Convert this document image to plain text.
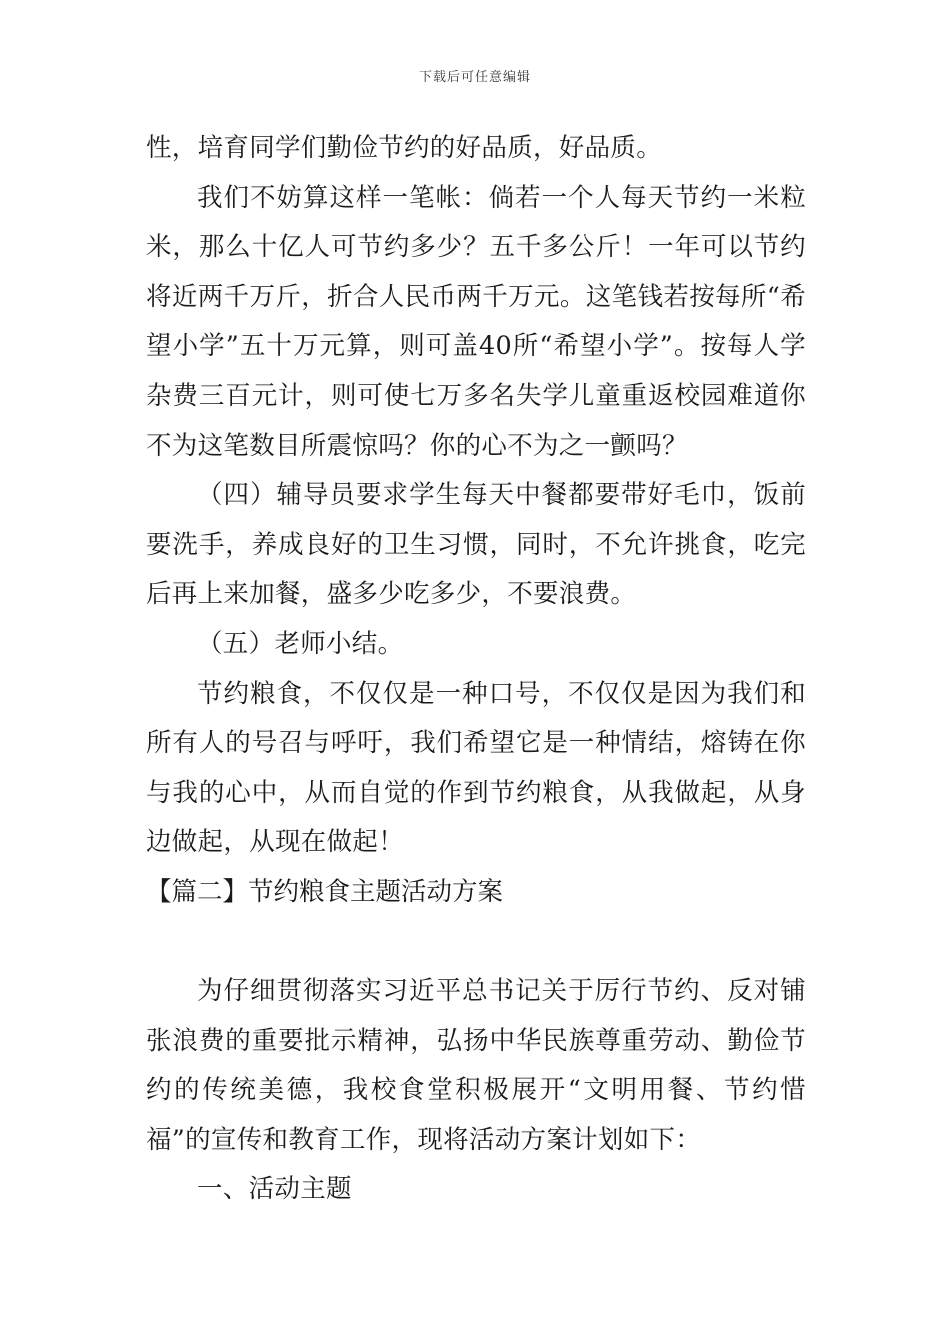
下载后可任意编辑

性，培育同学们勤俭节约的好品质，好品质。

我们不妨算这样一笔帐：倘若一个人每天节约一米粒米，那么十亿人可节约多少？五千多公斤！一年可以节约将近两千万斤，折合人民币两千万元。这笔钱若按每所“希望小学”五十万元算，则可盖40所“希望小学”。按每人学杂费三百元计，则可使七万多名失学儿童重返校园难道你不为这笔数目所震惊吗？你的心不为之一颤吗？

（四）辅导员要求学生每天中餐都要带好毛巾，饭前要洗手，养成良好的卫生习惯，同时，不允许挑食，吃完后再上来加餐，盛多少吃多少，不要浪费。

（五）老师小结。

节约粮食，不仅仅是一种口号，不仅仅是因为我们和所有人的号召与呼吁，我们希望它是一种情结，熔铸在你与我的心中，从而自觉的作到节约粮食，从我做起，从身边做起，从现在做起！

【篇二】节约粮食主题活动方案

为仔细贯彻落实习近平总书记关于厉行节约、反对铺张浪费的重要批示精神，弘扬中华民族尊重劳动、勤俭节约的传统美德，我校食堂积极展开“文明用餐、节约惜福”的宣传和教育工作，现将活动方案计划如下：

一、活动主题
